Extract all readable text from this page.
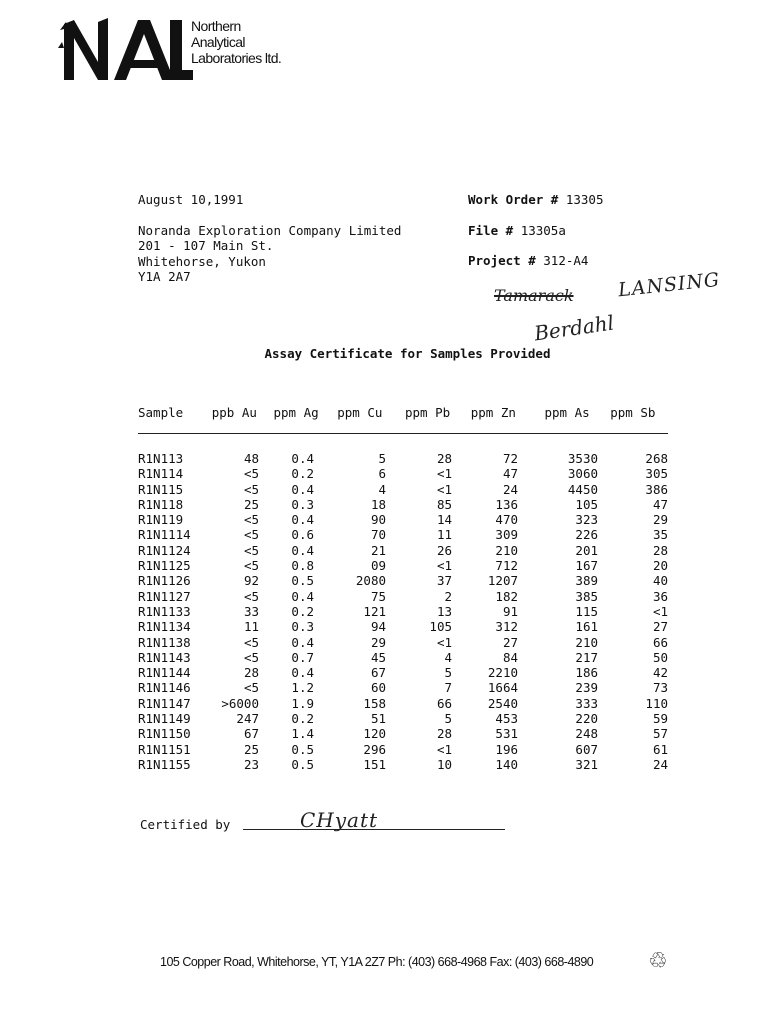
Northern
Analytical
Laboratories ltd.
August 10,1991
Noranda Exploration Company Limited
201 - 107 Main St.
Whitehorse, Yukon
Y1A 2A7
Work Order # 13305
File # 13305a
Project # 312-A4
Tamarack LANSING
Berdahl
Assay Certificate for Samples Provided
Sample	ppb Au	ppm Ag	ppm Cu	ppm Pb	ppm Zn	ppm As	ppm Sb
R1N113	48	0.4	5	28	72	3530	268
R1N114	<5	0.2	6	<1	47	3060	305
R1N115	<5	0.4	4	<1	24	4450	386
R1N118	25	0.3	18	85	136	105	47
R1N119	<5	0.4	90	14	470	323	29
R1N1114	<5	0.6	70	11	309	226	35
R1N1124	<5	0.4	21	26	210	201	28
R1N1125	<5	0.8	09	<1	712	167	20
R1N1126	92	0.5	2080	37	1207	389	40
R1N1127	<5	0.4	75	2	182	385	36
R1N1133	33	0.2	121	13	91	115	<1
R1N1134	11	0.3	94	105	312	161	27
R1N1138	<5	0.4	29	<1	27	210	66
R1N1143	<5	0.7	45	4	84	217	50
R1N1144	28	0.4	67	5	2210	186	42
R1N1146	<5	1.2	60	7	1664	239	73
R1N1147	>6000	1.9	158	66	2540	333	110
R1N1149	247	0.2	51	5	453	220	59
R1N1150	67	1.4	120	28	531	248	57
R1N1151	25	0.5	296	<1	196	607	61
R1N1155	23	0.5	151	10	140	321	24
Certified by	CHyatt
105 Copper Road, Whitehorse, YT, Y1A 2Z7 Ph: (403) 668-4968 Fax: (403) 668-4890 ♲
